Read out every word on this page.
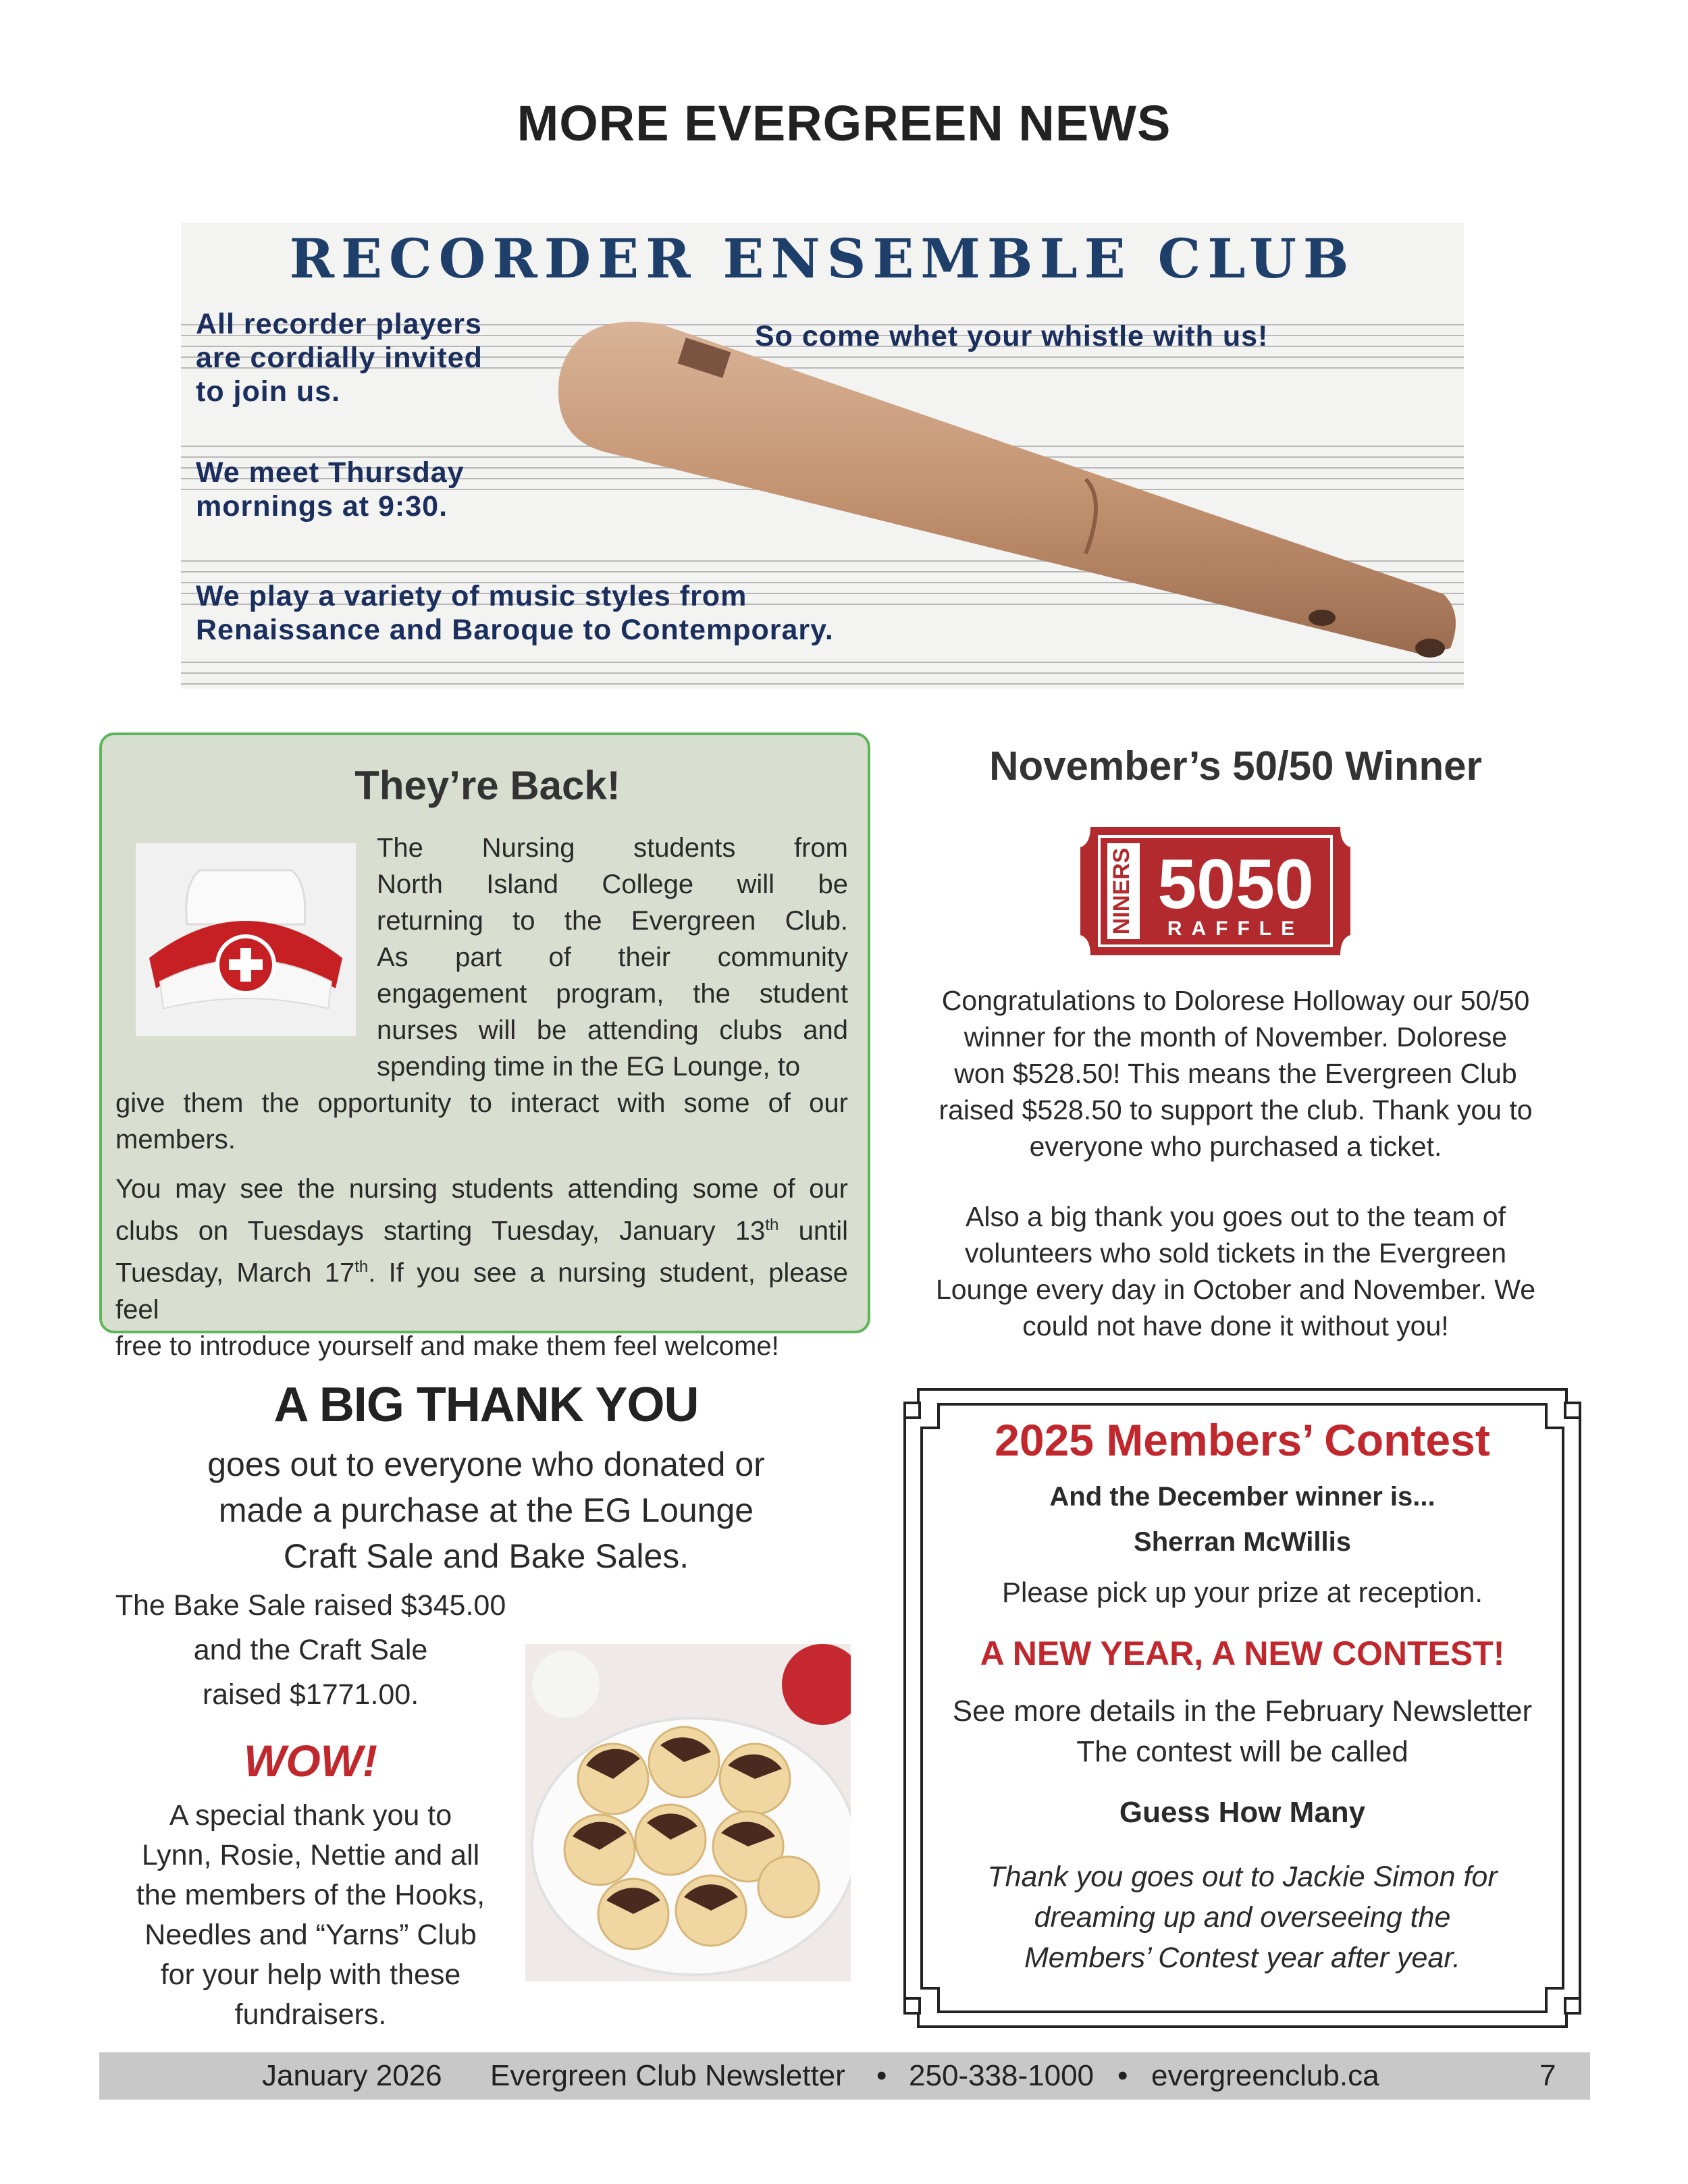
MORE EVERGREEN NEWS
RECORDER ENSEMBLE CLUB
All recorder players
are cordially invited
to join us.
So come whet your whistle with us!
We meet Thursday
mornings at 9:30.
We play a variety of music styles from
Renaissance and Baroque to Contemporary.
They’re Back!
The Nursing students from
North Island College will be
returning to the Evergreen Club.
As part of their community
engagement program, the student
nurses will be attending clubs and
spending time in the EG Lounge, to
give them the opportunity to interact with some of our
members.
You may see the nursing students attending some of our
clubs on Tuesdays starting Tuesday, January 13th until
Tuesday, March 17th. If you see a nursing student, please feel
free to introduce yourself and make them feel welcome!
November’s 50/50 Winner
NINERS 5050
RAFFLE
Congratulations to Dolorese Holloway our 50/50
winner for the month of November. Dolorese
won $528.50! This means the Evergreen Club
raised $528.50 to support the club. Thank you to
everyone who purchased a ticket.
Also a big thank you goes out to the team of
volunteers who sold tickets in the Evergreen
Lounge every day in October and November. We
could not have done it without you!
A BIG THANK YOU
goes out to everyone who donated or
made a purchase at the EG Lounge
Craft Sale and Bake Sales.
The Bake Sale raised $345.00
and the Craft Sale
raised $1771.00.
WOW!
A special thank you to
Lynn, Rosie, Nettie and all
the members of the Hooks,
Needles and “Yarns” Club
for your help with these
fundraisers.
2025 Members’ Contest
And the December winner is...
Sherran McWillis
Please pick up your prize at reception.
A NEW YEAR, A NEW CONTEST!
See more details in the February Newsletter
The contest will be called
Guess How Many
Thank you goes out to Jackie Simon for
dreaming up and overseeing the
Members’ Contest year after year.
January 2026 Evergreen Club Newsletter • 250-338-1000 • evergreenclub.ca	7
